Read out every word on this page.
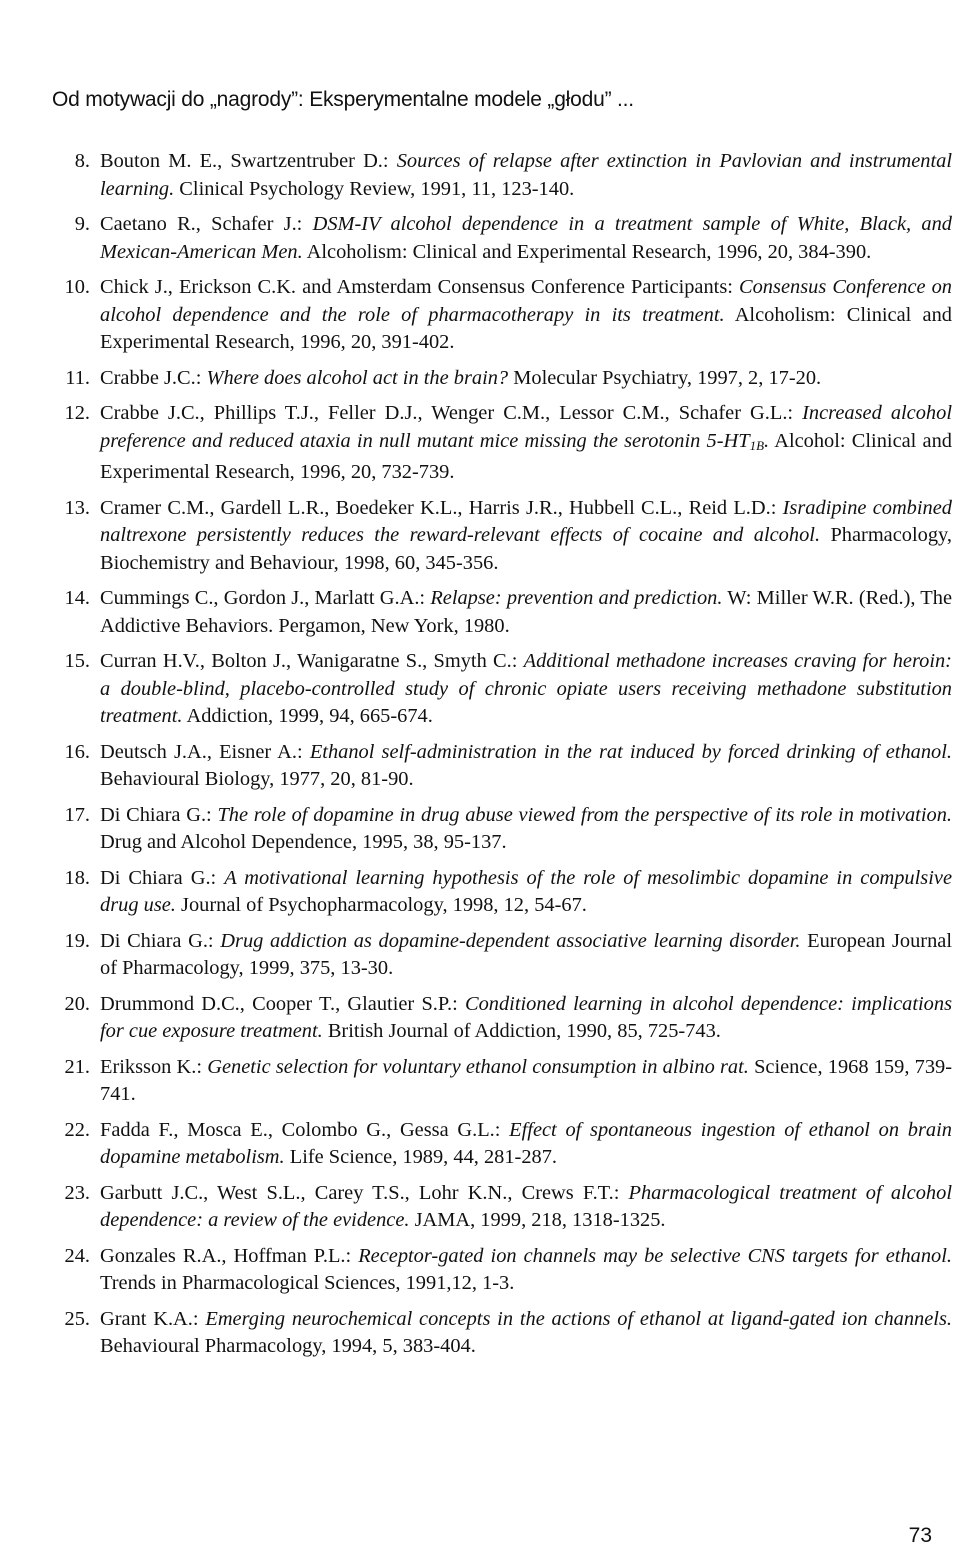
Od motywacji do „nagrody”: Eksperymentalne modele „głodu” ...
8. Bouton M. E., Swartzentruber D.: Sources of relapse after extinction in Pavlovian and instrumental learning. Clinical Psychology Review, 1991, 11, 123-140.
9. Caetano R., Schafer J.: DSM-IV alcohol dependence in a treatment sample of White, Black, and Mexican-American Men. Alcoholism: Clinical and Experimental Research, 1996, 20, 384-390.
10. Chick J., Erickson C.K. and Amsterdam Consensus Conference Participants: Consensus Conference on alcohol dependence and the role of pharmacotherapy in its treatment. Alcoholism: Clinical and Experimental Research, 1996, 20, 391-402.
11. Crabbe J.C.: Where does alcohol act in the brain? Molecular Psychiatry, 1997, 2, 17-20.
12. Crabbe J.C., Phillips T.J., Feller D.J., Wenger C.M., Lessor C.M., Schafer G.L.: Increased alcohol preference and reduced ataxia in null mutant mice missing the serotonin $5-HT_{1B}$. Alcohol: Clinical and Experimental Research, 1996, 20, 732-739.
13. Cramer C.M., Gardell L.R., Boedeker K.L., Harris J.R., Hubbell C.L., Reid L.D.: Isradipine combined naltrexone persistently reduces the reward-relevant effects of cocaine and alcohol. Pharmacology, Biochemistry and Behaviour, 1998, 60, 345-356.
14. Cummings C., Gordon J., Marlatt G.A.: Relapse: prevention and prediction. W: Miller W.R. (Red.), The Addictive Behaviors. Pergamon, New York, 1980.
15. Curran H.V., Bolton J., Wanigaratne S., Smyth C.: Additional methadone increases craving for heroin: a double-blind, placebo-controlled study of chronic opiate users receiving methadone substitution treatment. Addiction, 1999, 94, 665-674.
16. Deutsch J.A., Eisner A.: Ethanol self-administration in the rat induced by forced drinking of ethanol. Behavioural Biology, 1977, 20, 81-90.
17. Di Chiara G.: The role of dopamine in drug abuse viewed from the perspective of its role in motivation. Drug and Alcohol Dependence, 1995, 38, 95-137.
18. Di Chiara G.: A motivational learning hypothesis of the role of mesolimbic dopamine in compulsive drug use. Journal of Psychopharmacology, 1998, 12, 54-67.
19. Di Chiara G.: Drug addiction as dopamine-dependent associative learning disorder. European Journal of Pharmacology, 1999, 375, 13-30.
20. Drummond D.C., Cooper T., Glautier S.P.: Conditioned learning in alcohol dependence: implications for cue exposure treatment. British Journal of Addiction, 1990, 85, 725-743.
21. Eriksson K.: Genetic selection for voluntary ethanol consumption in albino rat. Science, 1968 159, 739-741.
22. Fadda F., Mosca E., Colombo G., Gessa G.L.: Effect of spontaneous ingestion of ethanol on brain dopamine metabolism. Life Science, 1989, 44, 281-287.
23. Garbutt J.C., West S.L., Carey T.S., Lohr K.N., Crews F.T.: Pharmacological treatment of alcohol dependence: a review of the evidence. JAMA, 1999, 218, 1318-1325.
24. Gonzales R.A., Hoffman P.L.: Receptor-gated ion channels may be selective CNS targets for ethanol. Trends in Pharmacological Sciences, 1991,12, 1-3.
25. Grant K.A.: Emerging neurochemical concepts in the actions of ethanol at ligand-gated ion channels. Behavioural Pharmacology, 1994, 5, 383-404.
73
